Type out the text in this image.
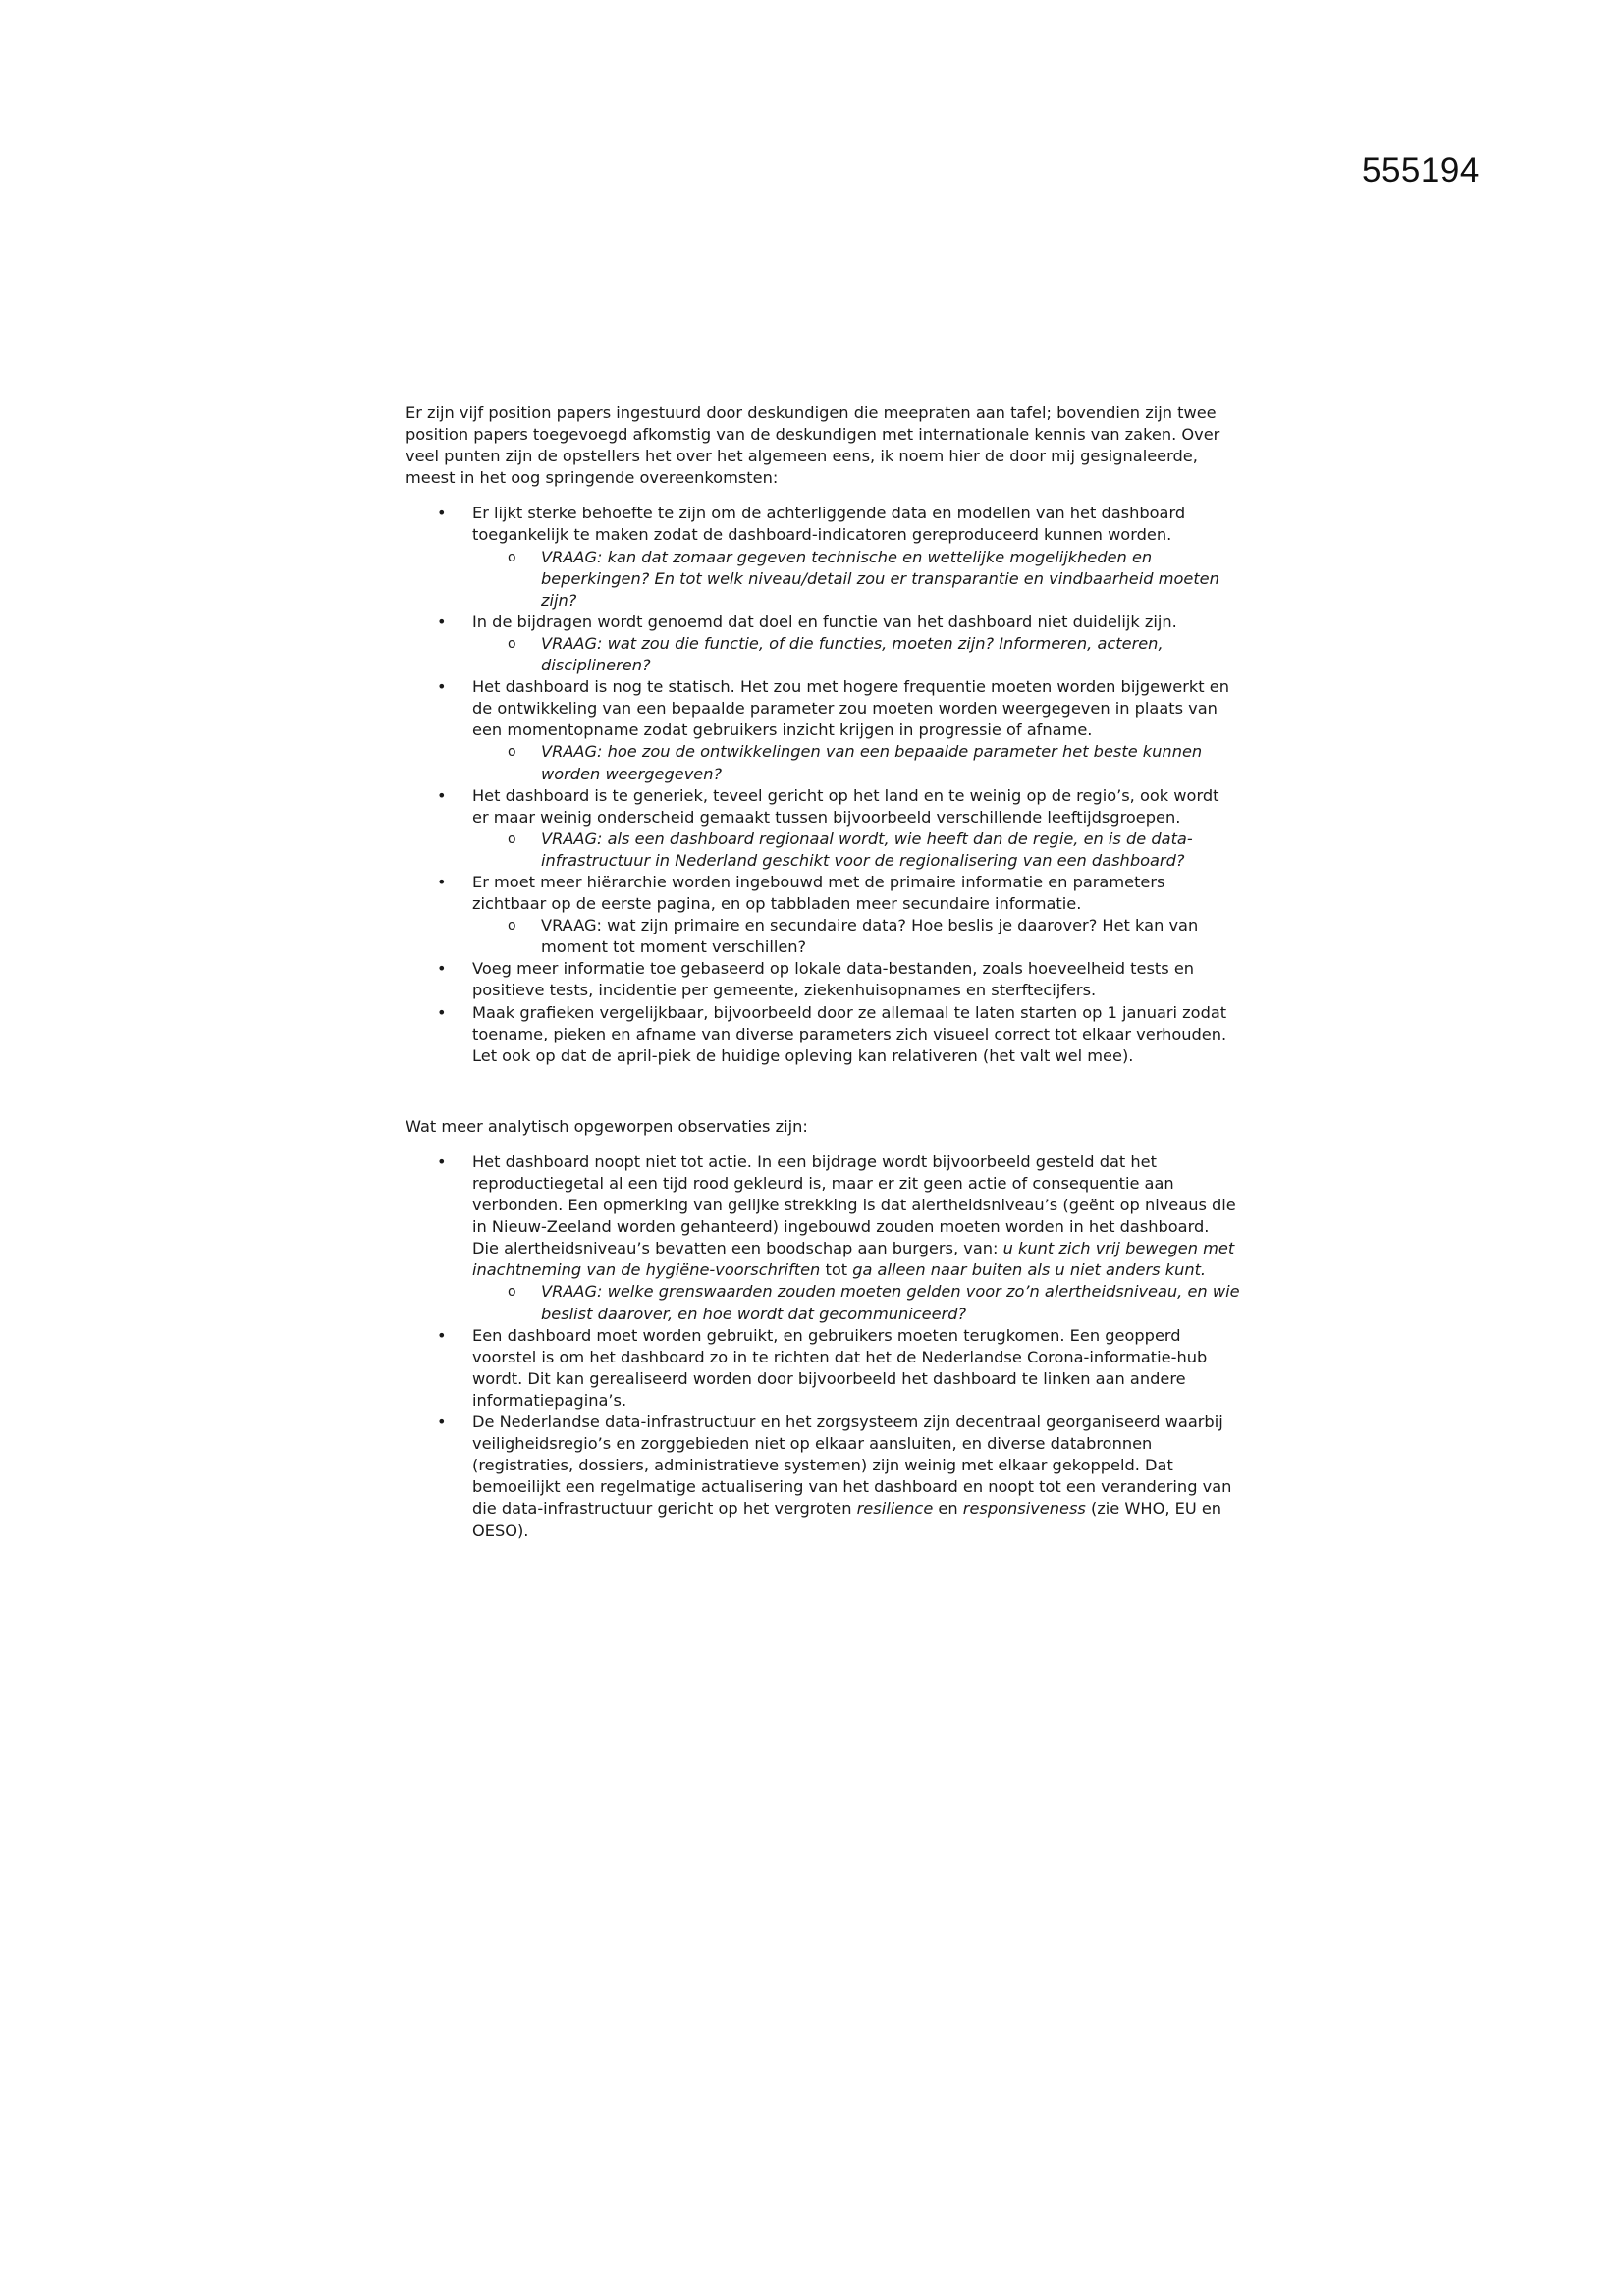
555194

Er zijn vijf position papers ingestuurd door deskundigen die meepraten aan tafel; bovendien zijn twee position papers toegevoegd afkomstig van de deskundigen met internationale kennis van zaken. Over veel punten zijn de opstellers het over het algemeen eens, ik noem hier de door mij gesignaleerde, meest in het oog springende overeenkomsten:

• Er lijkt sterke behoefte te zijn om de achterliggende data en modellen van het dashboard toegankelijk te maken zodat de dashboard-indicatoren gereproduceerd kunnen worden.
o VRAAG: kan dat zomaar gegeven technische en wettelijke mogelijkheden en beperkingen? En tot welk niveau/detail zou er transparantie en vindbaarheid moeten zijn?
• In de bijdragen wordt genoemd dat doel en functie van het dashboard niet duidelijk zijn.
o VRAAG: wat zou die functie, of die functies, moeten zijn? Informeren, acteren, disciplineren?
• Het dashboard is nog te statisch. Het zou met hogere frequentie moeten worden bijgewerkt en de ontwikkeling van een bepaalde parameter zou moeten worden weergegeven in plaats van een momentopname zodat gebruikers inzicht krijgen in progressie of afname.
o VRAAG: hoe zou de ontwikkelingen van een bepaalde parameter het beste kunnen worden weergegeven?
• Het dashboard is te generiek, teveel gericht op het land en te weinig op de regio’s, ook wordt er maar weinig onderscheid gemaakt tussen bijvoorbeeld verschillende leeftijdsgroepen.
o VRAAG: als een dashboard regionaal wordt, wie heeft dan de regie, en is de data-infrastructuur in Nederland geschikt voor de regionalisering van een dashboard?
• Er moet meer hiërarchie worden ingebouwd met de primaire informatie en parameters zichtbaar op de eerste pagina, en op tabbladen meer secundaire informatie.
o VRAAG: wat zijn primaire en secundaire data? Hoe beslis je daarover? Het kan van moment tot moment verschillen?
• Voeg meer informatie toe gebaseerd op lokale data-bestanden, zoals hoeveelheid tests en positieve tests, incidentie per gemeente, ziekenhuisopnames en sterftecijfers.
• Maak grafieken vergelijkbaar, bijvoorbeeld door ze allemaal te laten starten op 1 januari zodat toename, pieken en afname van diverse parameters zich visueel correct tot elkaar verhouden. Let ook op dat de april-piek de huidige opleving kan relativeren (het valt wel mee).

Wat meer analytisch opgeworpen observaties zijn:

• Het dashboard noopt niet tot actie. In een bijdrage wordt bijvoorbeeld gesteld dat het reproductiegetal al een tijd rood gekleurd is, maar er zit geen actie of consequentie aan verbonden. Een opmerking van gelijke strekking is dat alertheidsniveau’s (geënt op niveaus die in Nieuw-Zeeland worden gehanteerd) ingebouwd zouden moeten worden in het dashboard. Die alertheidsniveau’s bevatten een boodschap aan burgers, van: u kunt zich vrij bewegen met inachtneming van de hygiëne-voorschriften tot ga alleen naar buiten als u niet anders kunt.
o VRAAG: welke grenswaarden zouden moeten gelden voor zo’n alertheidsniveau, en wie beslist daarover, en hoe wordt dat gecommuniceerd?
• Een dashboard moet worden gebruikt, en gebruikers moeten terugkomen. Een geopperd voorstel is om het dashboard zo in te richten dat het de Nederlandse Corona-informatie-hub wordt. Dit kan gerealiseerd worden door bijvoorbeeld het dashboard te linken aan andere informatiepagina’s.
• De Nederlandse data-infrastructuur en het zorgsysteem zijn decentraal georganiseerd waarbij veiligheidsregio’s en zorggebieden niet op elkaar aansluiten, en diverse databronnen (registraties, dossiers, administratieve systemen) zijn weinig met elkaar gekoppeld. Dat bemoeilijkt een regelmatige actualisering van het dashboard en noopt tot een verandering van die data-infrastructuur gericht op het vergroten resilience en responsiveness (zie WHO, EU en OESO).
